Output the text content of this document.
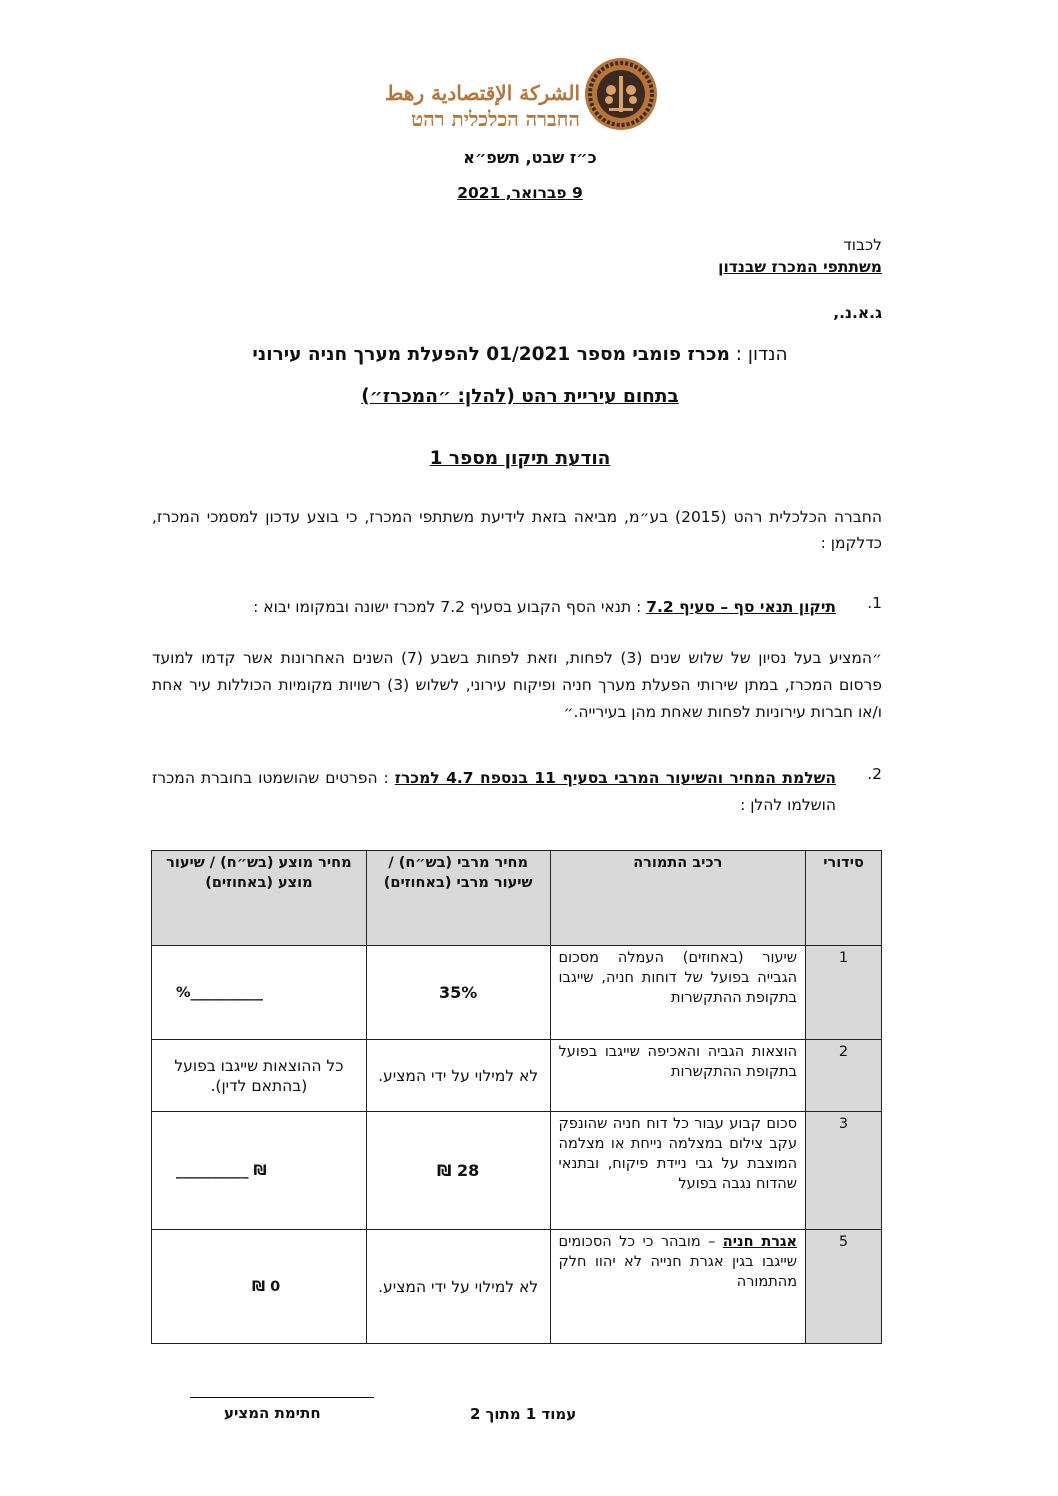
الشركة الإقتصادية رهط
החברה הכלכלית רהט
כ״ז שבט, תשפ״א
9 פברואר, 2021
לכבוד
משתתפי המכרז שבנדון
ג.א.נ.,
הנדון : מכרז פומבי מספר 01/2021 להפעלת מערך חניה עירוני
בתחום עיריית רהט (להלן: ״המכרז״)
הודעת תיקון מספר 1
החברה הכלכלית רהט (2015) בע״מ, מביאה בזאת לידיעת משתתפי המכרז, כי בוצע עדכון למסמכי המכרז, כדלקמן :
1.
תיקון תנאי סף – סעיף 7.2 : תנאי הסף הקבוע בסעיף 7.2 למכרז ישונה ובמקומו יבוא :
״המציע בעל נסיון של שלוש שנים (3) לפחות, וזאת לפחות בשבע (7) השנים האחרונות אשר קדמו למועד פרסום המכרז, במתן שירותי הפעלת מערך חניה ופיקוח עירוני, לשלוש (3) רשויות מקומיות הכוללות עיר אחת ו/או חברות עירוניות לפחות שאחת מהן בעירייה.״
2.
השלמת המחיר והשיעור המרבי בסעיף 11 בנספח 4.7 למכרז : הפרטים שהושמטו בחוברת המכרז הושלמו להלן :
סידורי	רכיב התמורה	מחיר מרבי (בש״ח) / שיעור מרבי (באחוזים)	מחיר מוצע (בש״ח) / שיעור מוצע (באחוזים)
1	שיעור (באחוזים) העמלה מסכום הגבייה בפועל של דוחות חניה, שייגבו בתקופת ההתקשרות	35%	__________%
2	הוצאות הגביה והאכיפה שייגבו בפועל בתקופת ההתקשרות	לא למילוי על ידי המציע.	כל ההוצאות שייגבו בפועל (בהתאם לדין).
3	סכום קבוע עבור כל דוח חניה שהונפק עקב צילום במצלמה נייחת או מצלמה המוצבת על גבי ניידת פיקוח, ובתנאי שהדוח נגבה בפועל	28 ₪	₪ __________
5	אגרת חניה – מובהר כי כל הסכומים שייגבו בגין אגרת חנייה לא יהוו חלק מהתמורה	לא למילוי על ידי המציע.	0 ₪
חתימת המציע	עמוד 1 מתוך 2
